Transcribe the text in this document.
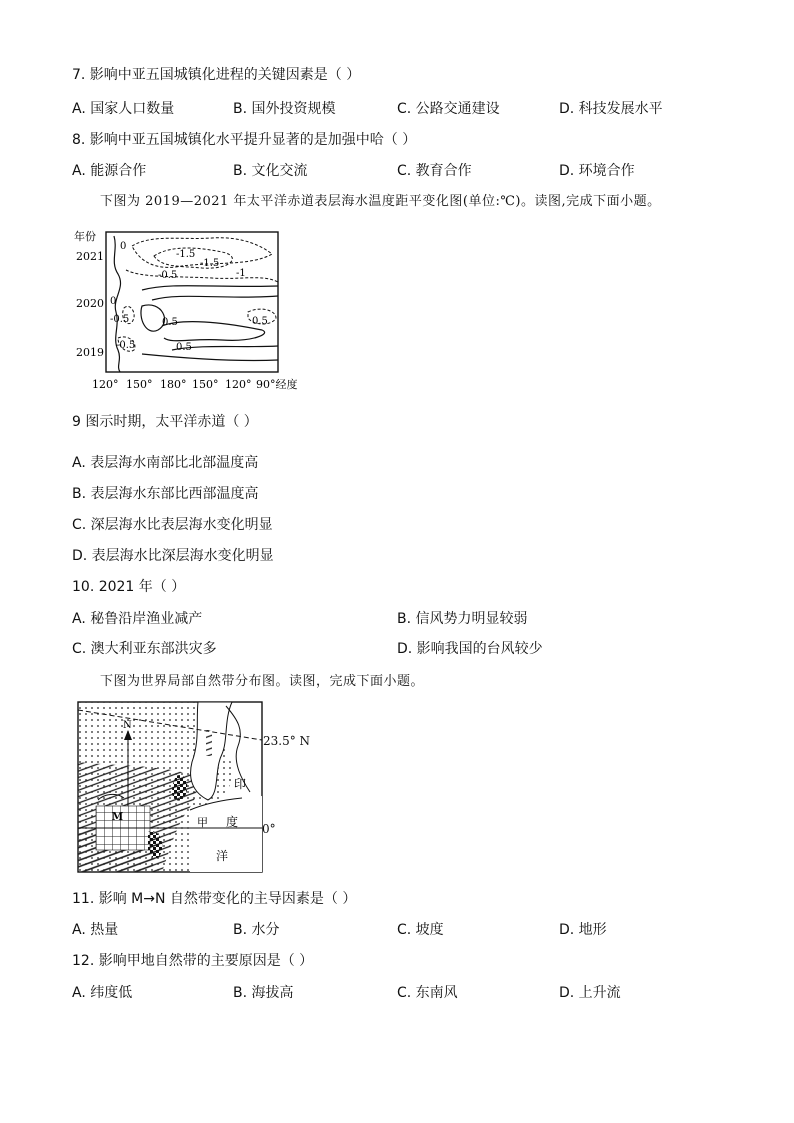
7. 影响中亚五国城镇化进程的关键因素是（ ）
A. 国家人口数量	B. 国外投资规模	C. 公路交通建设	D. 科技发展水平
8. 影响中亚五国城镇化水平提升显著的是加强中哈（ ）
A. 能源合作	B. 文化交流	C. 教育合作	D. 环境合作
下图为 2019—2021 年太平洋赤道表层海水温度距平变化图(单位:℃)。读图,完成下面小题。
年份
2021
2020
2019
0
-1.5
-1.5
-0.5	-1
0
-0.5	0.5
0.5
-0.5
0.5
120° 150° 180° 150° 120° 90°经度
9 图示时期，太平洋赤道（ ）
A. 表层海水南部比北部温度高
B. 表层海水东部比西部温度高
C. 深层海水比表层海水变化明显
D. 表层海水比深层海水变化明显
10. 2021 年（ ）
A. 秘鲁沿岸渔业减产	B. 信风势力明显较弱
C. 澳大利亚东部洪灾多	D. 影响我国的台风较少
下图为世界局部自然带分布图。读图，完成下面小题。
N
M	甲
印
度
洋
23.5° N
0°
11. 影响 M→N 自然带变化的主导因素是（ ）
A. 热量	B. 水分	C. 坡度	D. 地形
12. 影响甲地自然带的主要原因是（ ）
A. 纬度低	B. 海拔高	C. 东南风	D. 上升流
